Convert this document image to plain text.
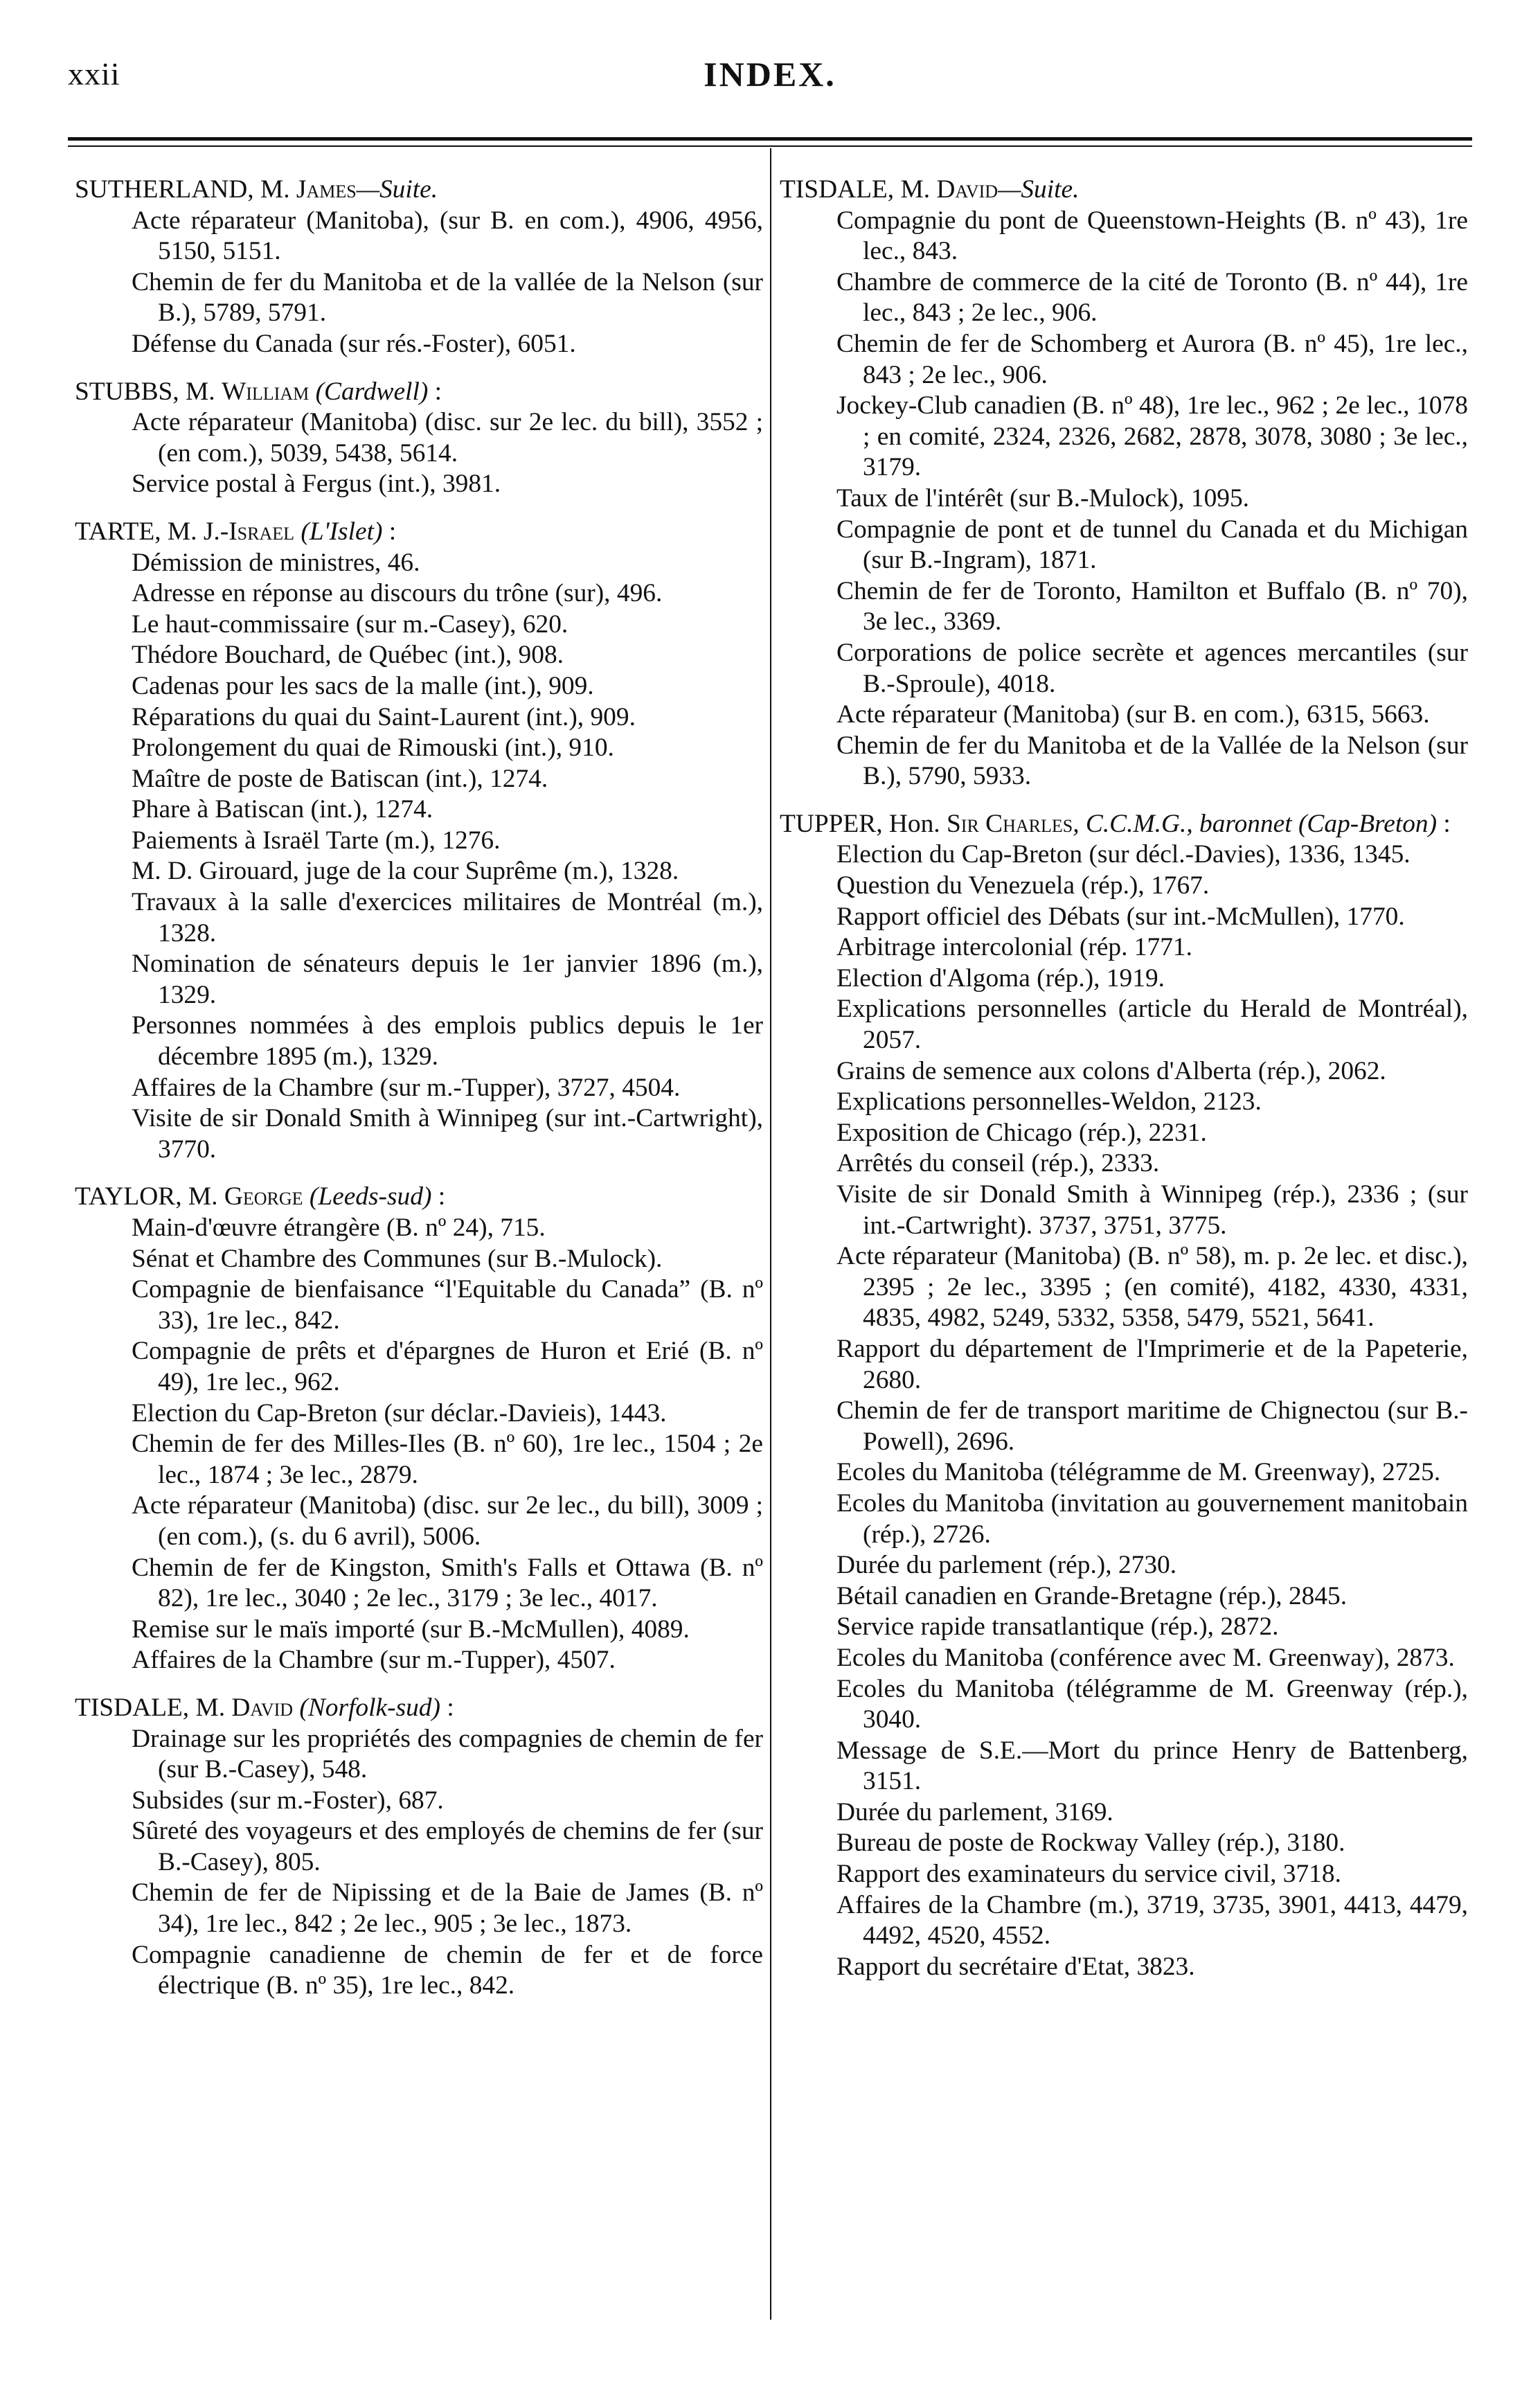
xxii	INDEX.
SUTHERLAND, M. James—Suite.
Acte réparateur (Manitoba), (sur B. en com.), 4906, 4956, 5150, 5151.
Chemin de fer du Manitoba et de la vallée de la Nelson (sur B.), 5789, 5791.
Défense du Canada (sur rés.-Foster), 6051.
STUBBS, M. William (Cardwell) :
Acte réparateur (Manitoba) (disc. sur 2e lec. du bill), 3552 ; (en com.), 5039, 5438, 5614.
Service postal à Fergus (int.), 3981.
TARTE, M. J.-Israel (L'Islet) :
Démission de ministres, 46.
Adresse en réponse au discours du trône (sur), 496.
Le haut-commissaire (sur m.-Casey), 620.
Thédore Bouchard, de Québec (int.), 908.
Cadenas pour les sacs de la malle (int.), 909.
Réparations du quai du Saint-Laurent (int.), 909.
Prolongement du quai de Rimouski (int.), 910.
Maître de poste de Batiscan (int.), 1274.
Phare à Batiscan (int.), 1274.
Paiements à Israël Tarte (m.), 1276.
M. D. Girouard, juge de la cour Suprême (m.), 1328.
Travaux à la salle d'exercices militaires de Montréal (m.), 1328.
Nomination de sénateurs depuis le 1er janvier 1896 (m.), 1329.
Personnes nommées à des emplois publics depuis le 1er décembre 1895 (m.), 1329.
Affaires de la Chambre (sur m.-Tupper), 3727, 4504.
Visite de sir Donald Smith à Winnipeg (sur int.-Cartwright), 3770.
TAYLOR, M. George (Leeds-sud) :
Main-d'œuvre étrangère (B. nº 24), 715.
Sénat et Chambre des Communes (sur B.-Mulock).
Compagnie de bienfaisance “l'Equitable du Canada” (B. nº 33), 1re lec., 842.
Compagnie de prêts et d'épargnes de Huron et Erié (B. nº 49), 1re lec., 962.
Election du Cap-Breton (sur déclar.-Davieis), 1443.
Chemin de fer des Milles-Iles (B. nº 60), 1re lec., 1504 ; 2e lec., 1874 ; 3e lec., 2879.
Acte réparateur (Manitoba) (disc. sur 2e lec., du bill), 3009 ; (en com.), (s. du 6 avril), 5006.
Chemin de fer de Kingston, Smith's Falls et Ottawa (B. nº 82), 1re lec., 3040 ; 2e lec., 3179 ; 3e lec., 4017.
Remise sur le maïs importé (sur B.-McMullen), 4089.
Affaires de la Chambre (sur m.-Tupper), 4507.
TISDALE, M. David (Norfolk-sud) :
Drainage sur les propriétés des compagnies de chemin de fer (sur B.-Casey), 548.
Subsides (sur m.-Foster), 687.
Sûreté des voyageurs et des employés de chemins de fer (sur B.-Casey), 805.
Chemin de fer de Nipissing et de la Baie de James (B. nº 34), 1re lec., 842 ; 2e lec., 905 ; 3e lec., 1873.
Compagnie canadienne de chemin de fer et de force électrique (B. nº 35), 1re lec., 842.
TISDALE, M. David—Suite.
Compagnie du pont de Queenstown-Heights (B. nº 43), 1re lec., 843.
Chambre de commerce de la cité de Toronto (B. nº 44), 1re lec., 843 ; 2e lec., 906.
Chemin de fer de Schomberg et Aurora (B. nº 45), 1re lec., 843 ; 2e lec., 906.
Jockey-Club canadien (B. nº 48), 1re lec., 962 ; 2e lec., 1078 ; en comité, 2324, 2326, 2682, 2878, 3078, 3080 ; 3e lec., 3179.
Taux de l'intérêt (sur B.-Mulock), 1095.
Compagnie de pont et de tunnel du Canada et du Michigan (sur B.-Ingram), 1871.
Chemin de fer de Toronto, Hamilton et Buffalo (B. nº 70), 3e lec., 3369.
Corporations de police secrète et agences mercantiles (sur B.-Sproule), 4018.
Acte réparateur (Manitoba) (sur B. en com.), 6315, 5663.
Chemin de fer du Manitoba et de la Vallée de la Nelson (sur B.), 5790, 5933.
TUPPER, Hon. Sir Charles, C.C.M.G., baronnet (Cap-Breton) :
Election du Cap-Breton (sur décl.-Davies), 1336, 1345.
Question du Venezuela (rép.), 1767.
Rapport officiel des Débats (sur int.-McMullen), 1770.
Arbitrage intercolonial (rép. 1771.
Election d'Algoma (rép.), 1919.
Explications personnelles (article du Herald de Montréal), 2057.
Grains de semence aux colons d'Alberta (rép.), 2062.
Explications personnelles-Weldon, 2123.
Exposition de Chicago (rép.), 2231.
Arrêtés du conseil (rép.), 2333.
Visite de sir Donald Smith à Winnipeg (rép.), 2336 ; (sur int.-Cartwright). 3737, 3751, 3775.
Acte réparateur (Manitoba) (B. nº 58), m. p. 2e lec. et disc.), 2395 ; 2e lec., 3395 ; (en comité), 4182, 4330, 4331, 4835, 4982, 5249, 5332, 5358, 5479, 5521, 5641.
Rapport du département de l'Imprimerie et de la Papeterie, 2680.
Chemin de fer de transport maritime de Chignectou (sur B.-Powell), 2696.
Ecoles du Manitoba (télégramme de M. Greenway), 2725.
Ecoles du Manitoba (invitation au gouvernement manitobain (rép.), 2726.
Durée du parlement (rép.), 2730.
Bétail canadien en Grande-Bretagne (rép.), 2845.
Service rapide transatlantique (rép.), 2872.
Ecoles du Manitoba (conférence avec M. Greenway), 2873.
Ecoles du Manitoba (télégramme de M. Greenway (rép.), 3040.
Message de S.E.—Mort du prince Henry de Battenberg, 3151.
Durée du parlement, 3169.
Bureau de poste de Rockway Valley (rép.), 3180.
Rapport des examinateurs du service civil, 3718.
Affaires de la Chambre (m.), 3719, 3735, 3901, 4413, 4479, 4492, 4520, 4552.
Rapport du secrétaire d'Etat, 3823.
